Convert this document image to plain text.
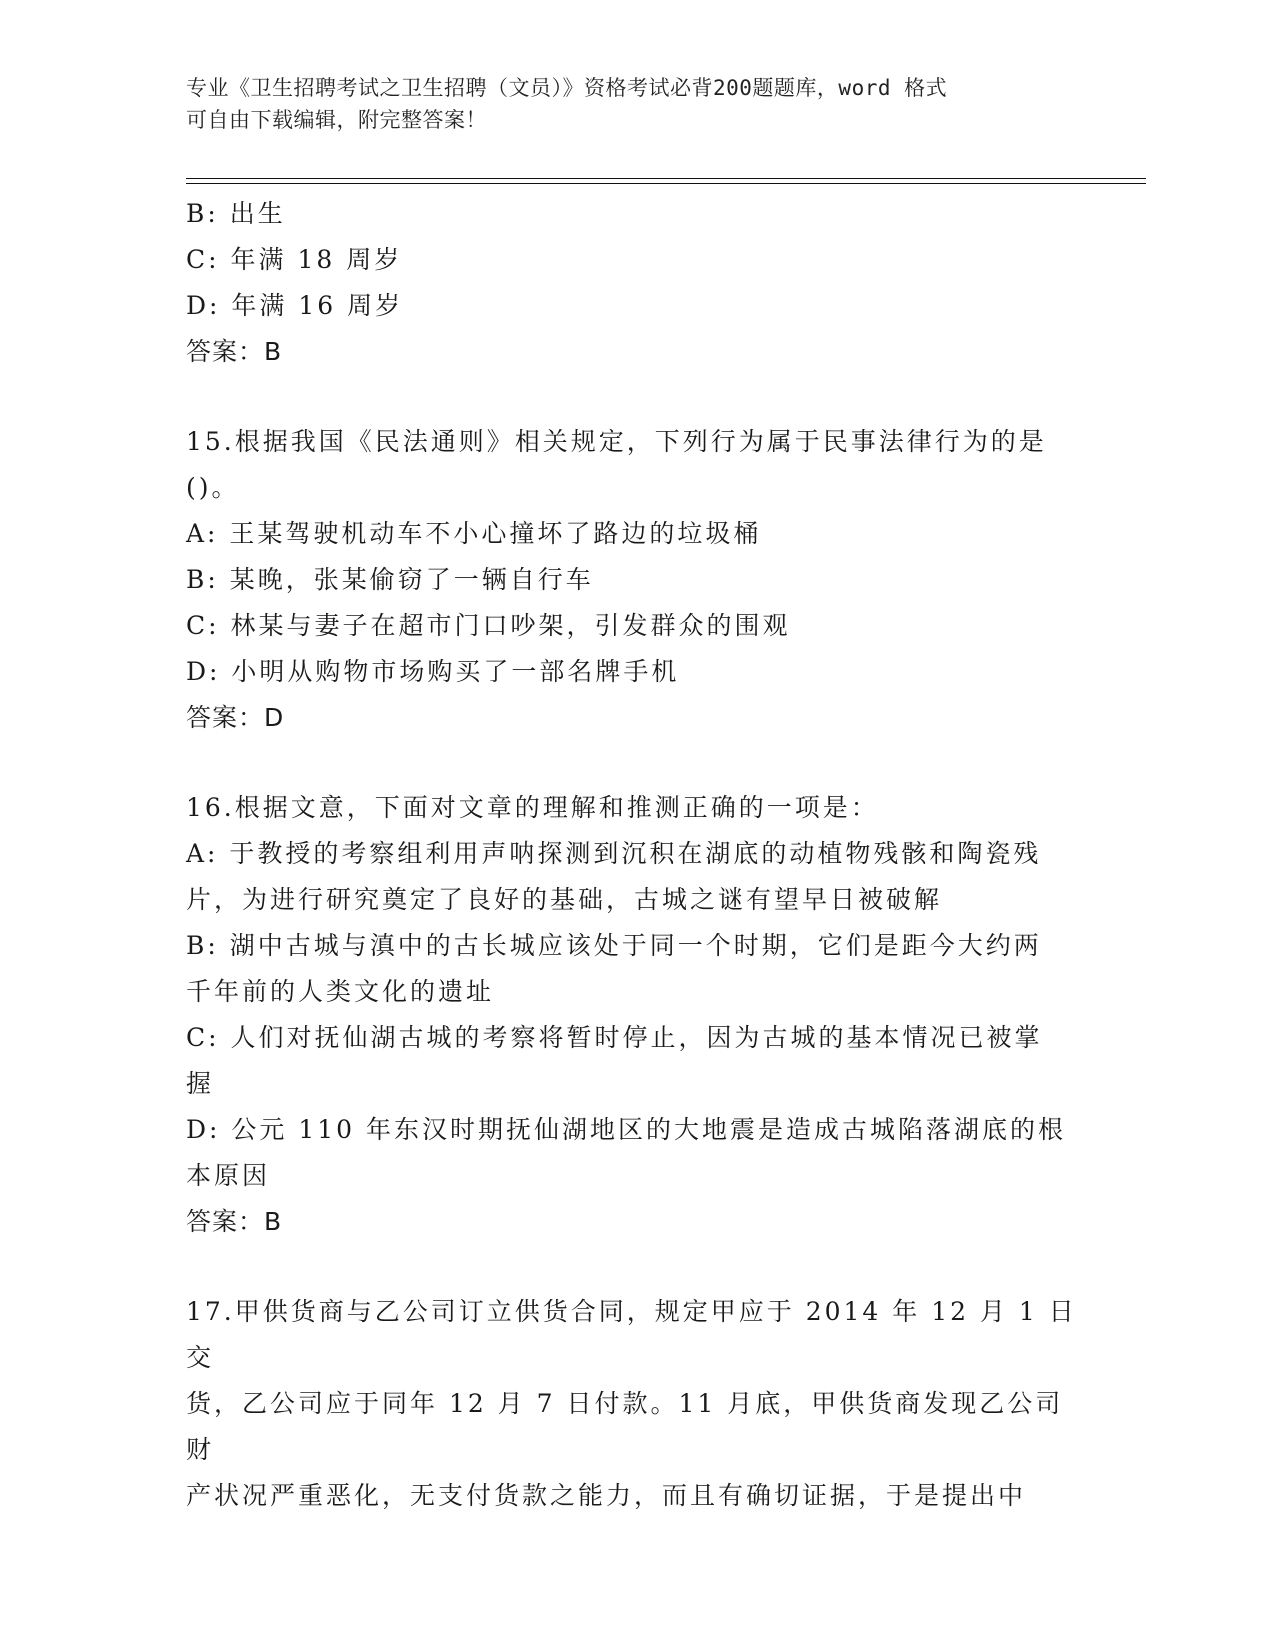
专业《卫生招聘考试之卫生招聘（文员）》资格考试必背200题题库，word 格式
可自由下载编辑，附完整答案！
B: 出生
C: 年满 18 周岁
D: 年满 16 周岁
答案：B
15.根据我国《民法通则》相关规定，下列行为属于民事法律行为的是
()。
A: 王某驾驶机动车不小心撞坏了路边的垃圾桶
B: 某晚，张某偷窃了一辆自行车
C: 林某与妻子在超市门口吵架，引发群众的围观
D: 小明从购物市场购买了一部名牌手机
答案：D
16.根据文意，下面对文章的理解和推测正确的一项是：
A: 于教授的考察组利用声呐探测到沉积在湖底的动植物残骸和陶瓷残
片，为进行研究奠定了良好的基础，古城之谜有望早日被破解
B: 湖中古城与滇中的古长城应该处于同一个时期，它们是距今大约两
千年前的人类文化的遗址
C: 人们对抚仙湖古城的考察将暂时停止，因为古城的基本情况已被掌
握
D: 公元 110 年东汉时期抚仙湖地区的大地震是造成古城陷落湖底的根
本原因
答案：B
17.甲供货商与乙公司订立供货合同，规定甲应于 2014 年 12 月 1 日交
货，乙公司应于同年 12 月 7 日付款。11 月底，甲供货商发现乙公司财
产状况严重恶化，无支付货款之能力，而且有确切证据，于是提出中
